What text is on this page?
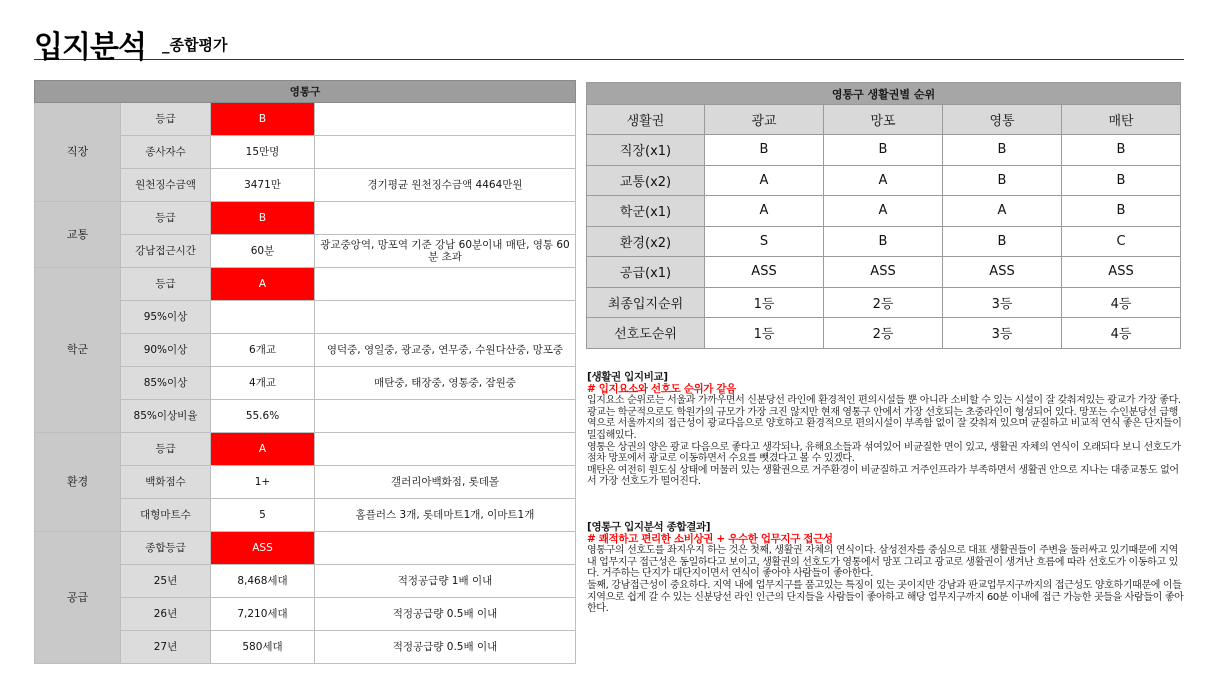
입지분석 _종합평가
영통구			
직장	등급	B	
	종사자수	15만명	
	원천징수금액	3471만	경기평균 원천징수금액 4464만원
교통	등급	B	
	강남접근시간	60분	광교중앙역, 망포역 기준 강남 60분이내 매탄, 영통 60분 초과
학군	등급	A	
	95%이상		
	90%이상	6개교	영덕중, 영일중, 광교중, 연무중, 수원다산중, 망포중
	85%이상	4개교	매탄중, 태장중, 영통중, 잠원중
	85%이상비율	55.6%	
환경	등급	A	
	백화점수	1+	갤러리아백화점, 롯데몰
	대형마트수	5	홈플러스 3개, 롯데마트1개, 이마트1개
공급	종합등급	ASS	
	25년	8,468세대	적정공급량 1배 이내
	26년	7,210세대	적정공급량 0.5배 이내
	27년	580세대	적정공급량 0.5배 이내
영통구 생활권별 순위				
생활권	광교	망포	영통	매탄
직장(x1)	B	B	B	B
교통(x2)	A	A	B	B
학군(x1)	A	A	A	B
환경(x2)	S	B	B	C
공급(x1)	ASS	ASS	ASS	ASS
최종입지순위	1등	2등	3등	4등
선호도순위	1등	2등	3등	4등

[생활권 입지비교]

# 입지요소와 선호도 순위가 같음

입지요소 순위로는 서울과 가까우면서 신분당선 라인에 환경적인 편의시설들 뿐 아니라 소비할 수 있는 시설이 잘 갖춰져있는 광교가 가장 좋다. 광교는 학군적으로도 학원가의 규모가 가장 크진 않지만 현재 영통구 안에서 가장 선호되는 초중라인이 형성되어 있다. 망포는 수인분당선 급행역으로 서울까지의 접근성이 광교다음으로 양호하고 환경적으로 편의시설이 부족함 없이 잘 갖춰져 있으며 균질하고 비교적 연식 좋은 단지들이 밀집해있다.

영통은 상권의 양은 광교 다음으로 좋다고 생각되나, 유해요소들과 섞여있어 비균질한 면이 있고, 생활권 자체의 연식이 오래되다 보니 선호도가 점차 망포에서 광교로 이동하면서 수요를 뺏겼다고 볼 수 있겠다.

매탄은 여전히 원도심 상태에 머물러 있는 생활권으로 거주환경이 비균질하고 거주인프라가 부족하면서 생활권 안으로 지나는 대중교통도 없어서 가장 선호도가 떨어진다.

[영통구 입지분석 종합결과]

# 쾌적하고 편리한 소비상권 + 우수한 업무지구 접근성

영통구의 선호도를 좌지우지 하는 것은 첫째, 생활권 자체의 연식이다. 삼성전자를 중심으로 대표 생활권들이 주변을 둘러싸고 있기때문에 지역 내 업무지구 접근성은 동일하다고 보이고, 생활권의 선호도가 영통에서 망포 그리고 광교로 생활권이 생겨난 흐름에 따라 선호도가 이동하고 있다. 거주하는 단지가 대단지이면서 연식이 좋아야 사람들이 좋아한다.

둘째, 강남접근성이 중요하다. 지역 내에 업무지구를 품고있는 특징이 있는 곳이지만 강남과 판교업무지구까지의 접근성도 양호하기때문에 이들 지역으로 쉽게 갈 수 있는 신분당선 라인 인근의 단지들을 사람들이 좋아하고 해당 업무지구까지 60분 이내에 접근 가능한 곳들을 사람들이 좋아한다.
